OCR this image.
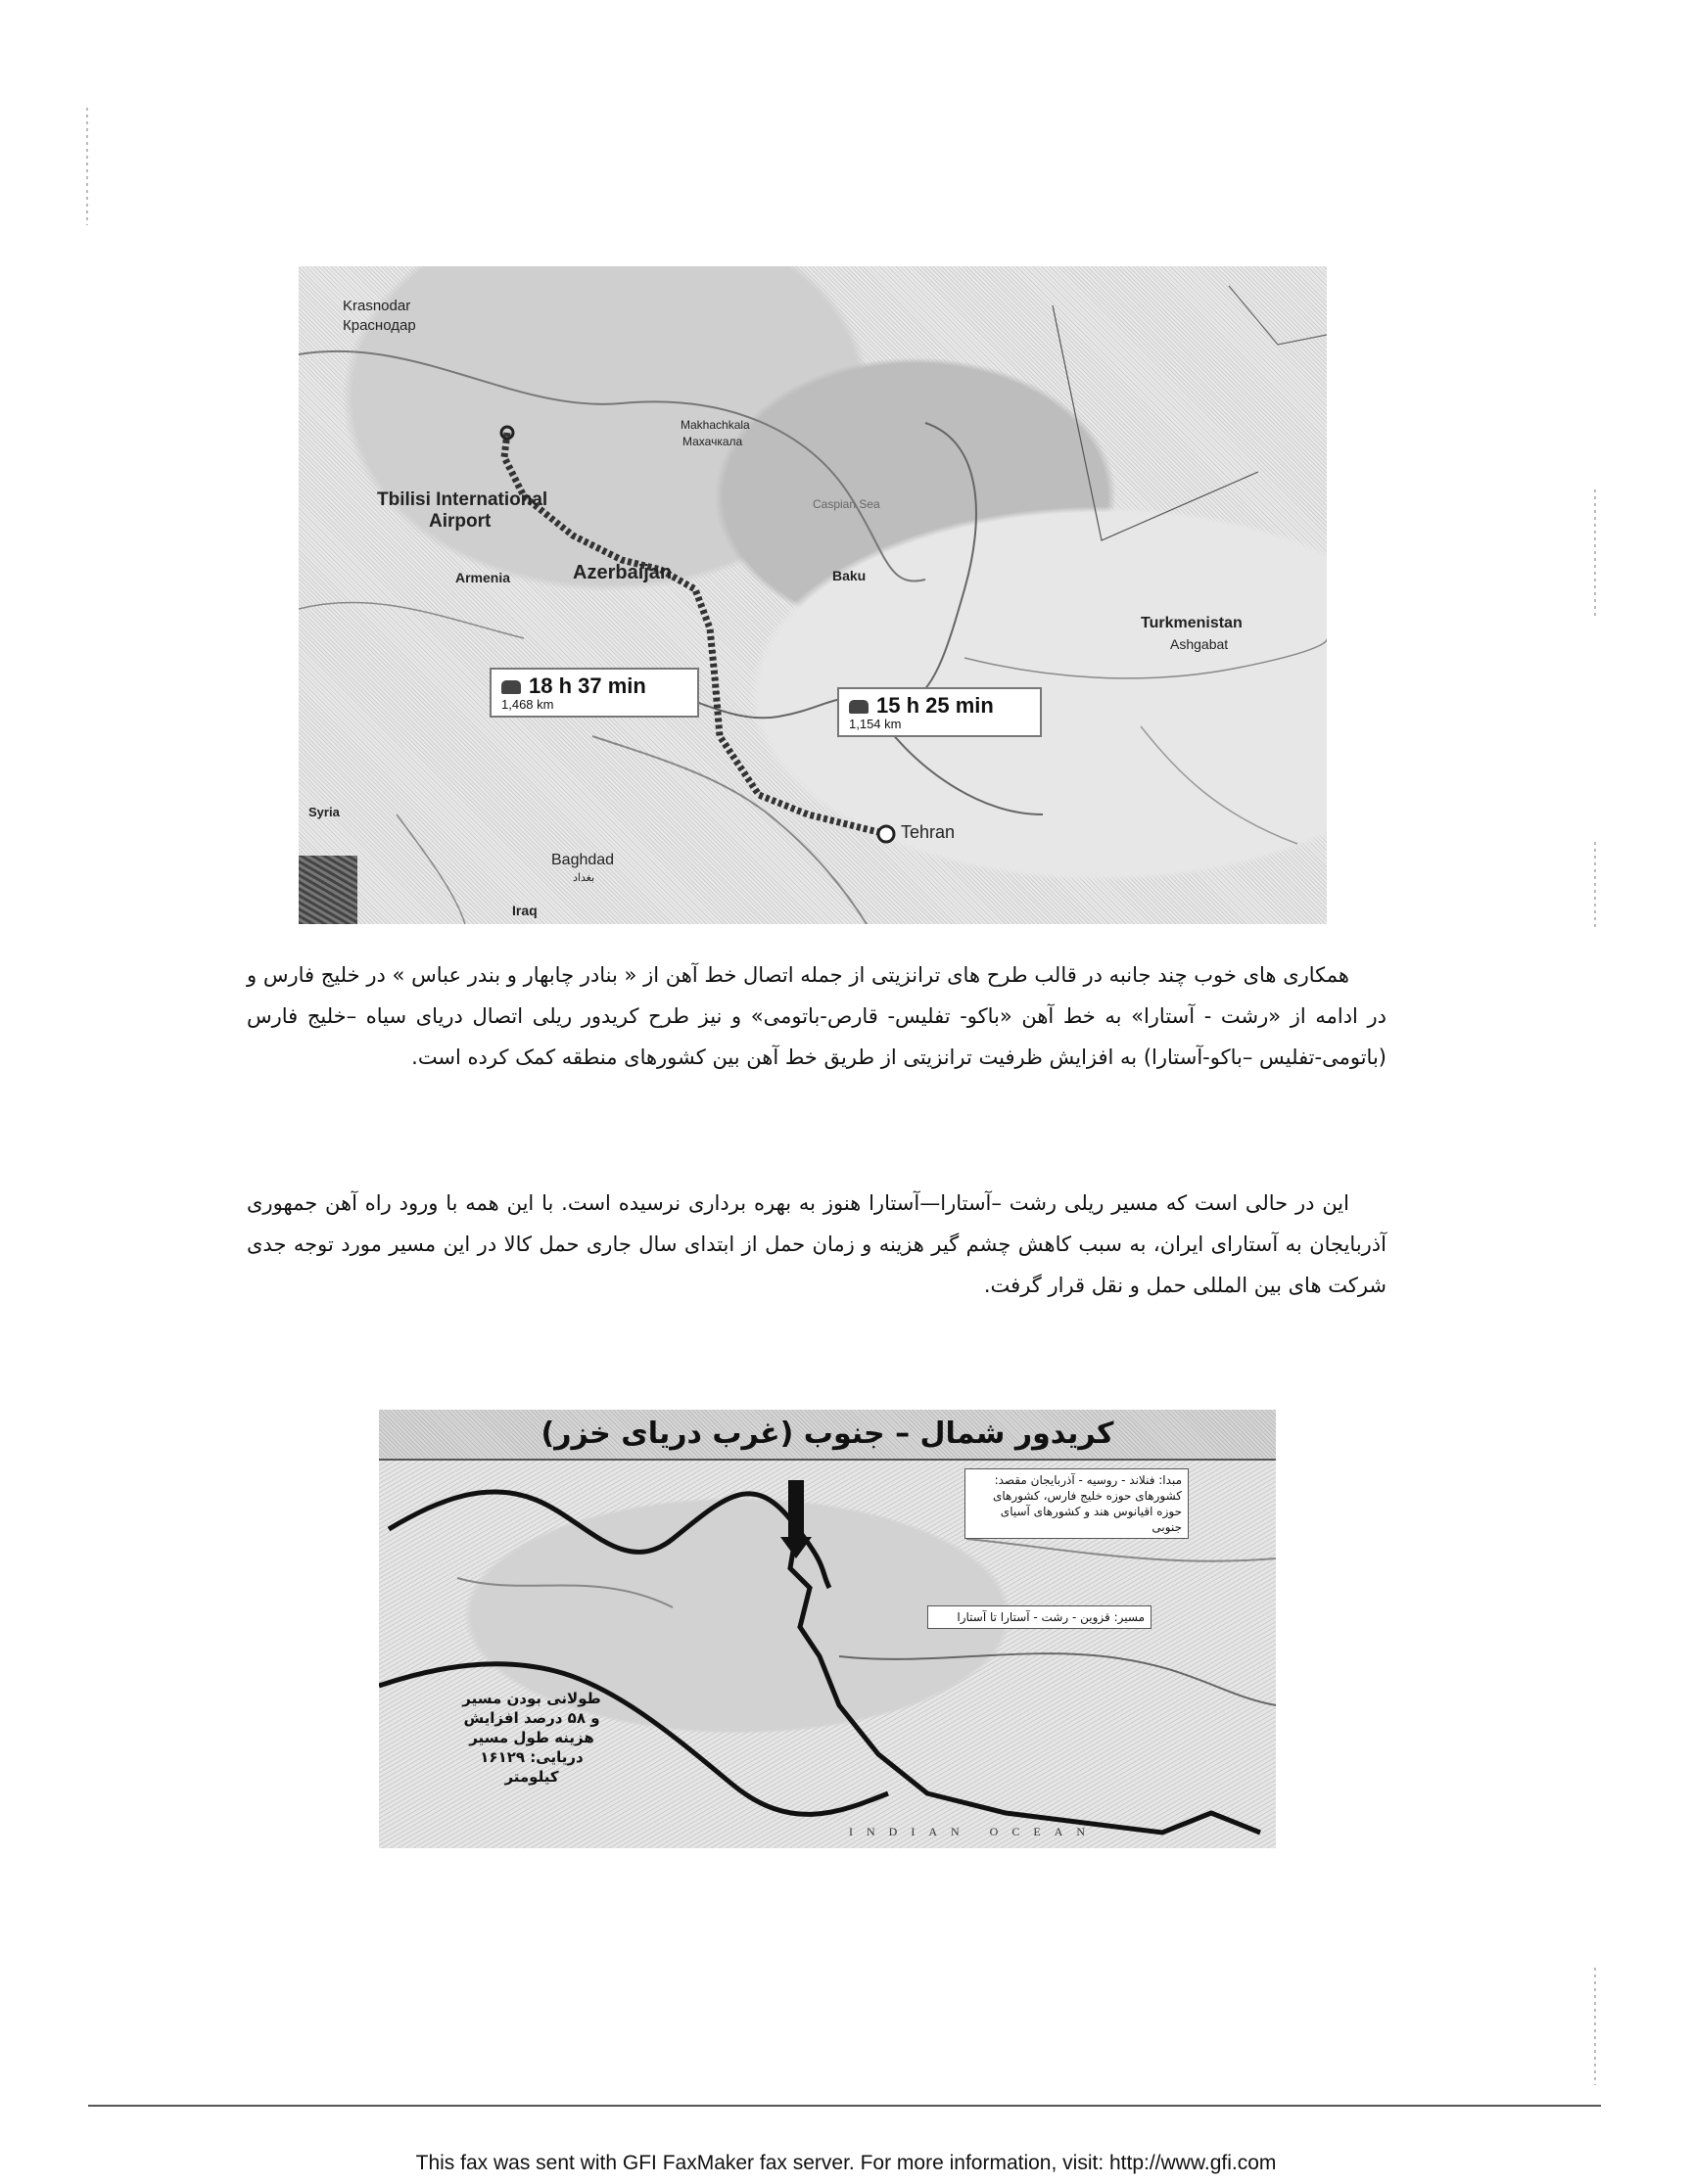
Krasnodar
Краснодар
Makhachkala
Махачкала
Caspian Sea
Tbilisi International
Airport
Armenia	Azerbaijan	Baku
Turkmenistan
Ashgabat
Syria
Baghdad
بغداد
Iraq
Tehran
18 h 37 min
1,468 km	15 h 25 min
1,154 km

همکاری های خوب چند جانبه در قالب طرح های ترانزیتی از جمله اتصال خط آهن از « بنادر چابهار و بندر عباس » در خلیج فارس و در ادامه از «رشت - آستارا» به خط آهن «باکو- تفلیس- قارص-باتومی» و نیز طرح کریدور ریلی اتصال دریای سیاه –خلیج فارس (باتومی-تفلیس –باکو-آستارا) به افزایش ظرفیت ترانزیتی از طریق خط آهن بین کشورهای منطقه کمک کرده است.

این در حالی است که مسیر ریلی رشت –آستارا—آستارا هنوز به بهره برداری نرسیده است. با این همه با ورود راه آهن جمهوری آذربایجان به آستارای ایران، به سبب کاهش چشم گیر هزینه و زمان حمل از ابتدای سال جاری حمل کالا در این مسیر مورد توجه جدی شرکت های بین المللی حمل و نقل قرار گرفت.

کریدور شمال – جنوب (غرب دریای خزر)
مبدا: فنلاند - روسیه - آذربایجان مقصد: کشورهای حوزه خلیج فارس، کشورهای حوزه اقیانوس هند و کشورهای آسیای جنوبی
مسیر: قزوین - رشت - آستارا تا آستارا
طولانی بودن مسیر و ۵۸ درصد افزایش هزینه طول مسیر دریایی: ۱۶۱۲۹ کیلومتر
INDIAN OCEAN
This fax was sent with GFI FaxMaker fax server. For more information, visit: http://www.gfi.com
